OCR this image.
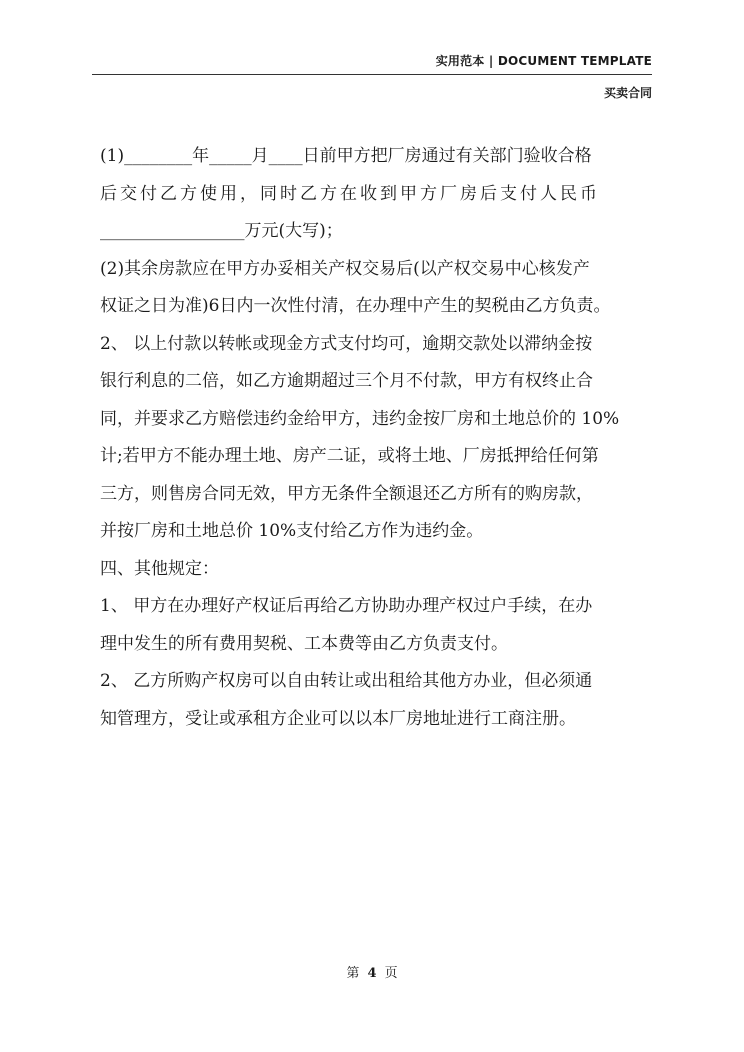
实用范本 | DOCUMENT TEMPLATE
买卖合同
(1)________年_____月____日前甲方把厂房通过有关部门验收合格
后交付乙方使用，同时乙方在收到甲方厂房后支付人民币
_________________万元(大写)；
(2)其余房款应在甲方办妥相关产权交易后(以产权交易中心核发产
权证之日为准)6日内一次性付清，在办理中产生的契税由乙方负责。
2、 以上付款以转帐或现金方式支付均可，逾期交款处以滞纳金按
银行利息的二倍，如乙方逾期超过三个月不付款，甲方有权终止合
同，并要求乙方赔偿违约金给甲方，违约金按厂房和土地总价的 10%
计;若甲方不能办理土地、房产二证，或将土地、厂房抵押给任何第
三方，则售房合同无效，甲方无条件全额退还乙方所有的购房款，
并按厂房和土地总价 10%支付给乙方作为违约金。
四、其他规定：
1、 甲方在办理好产权证后再给乙方协助办理产权过户手续，在办
理中发生的所有费用契税、工本费等由乙方负责支付。
2、 乙方所购产权房可以自由转让或出租给其他方办业，但必须通
知管理方，受让或承租方企业可以以本厂房地址进行工商注册。
第 4 页
